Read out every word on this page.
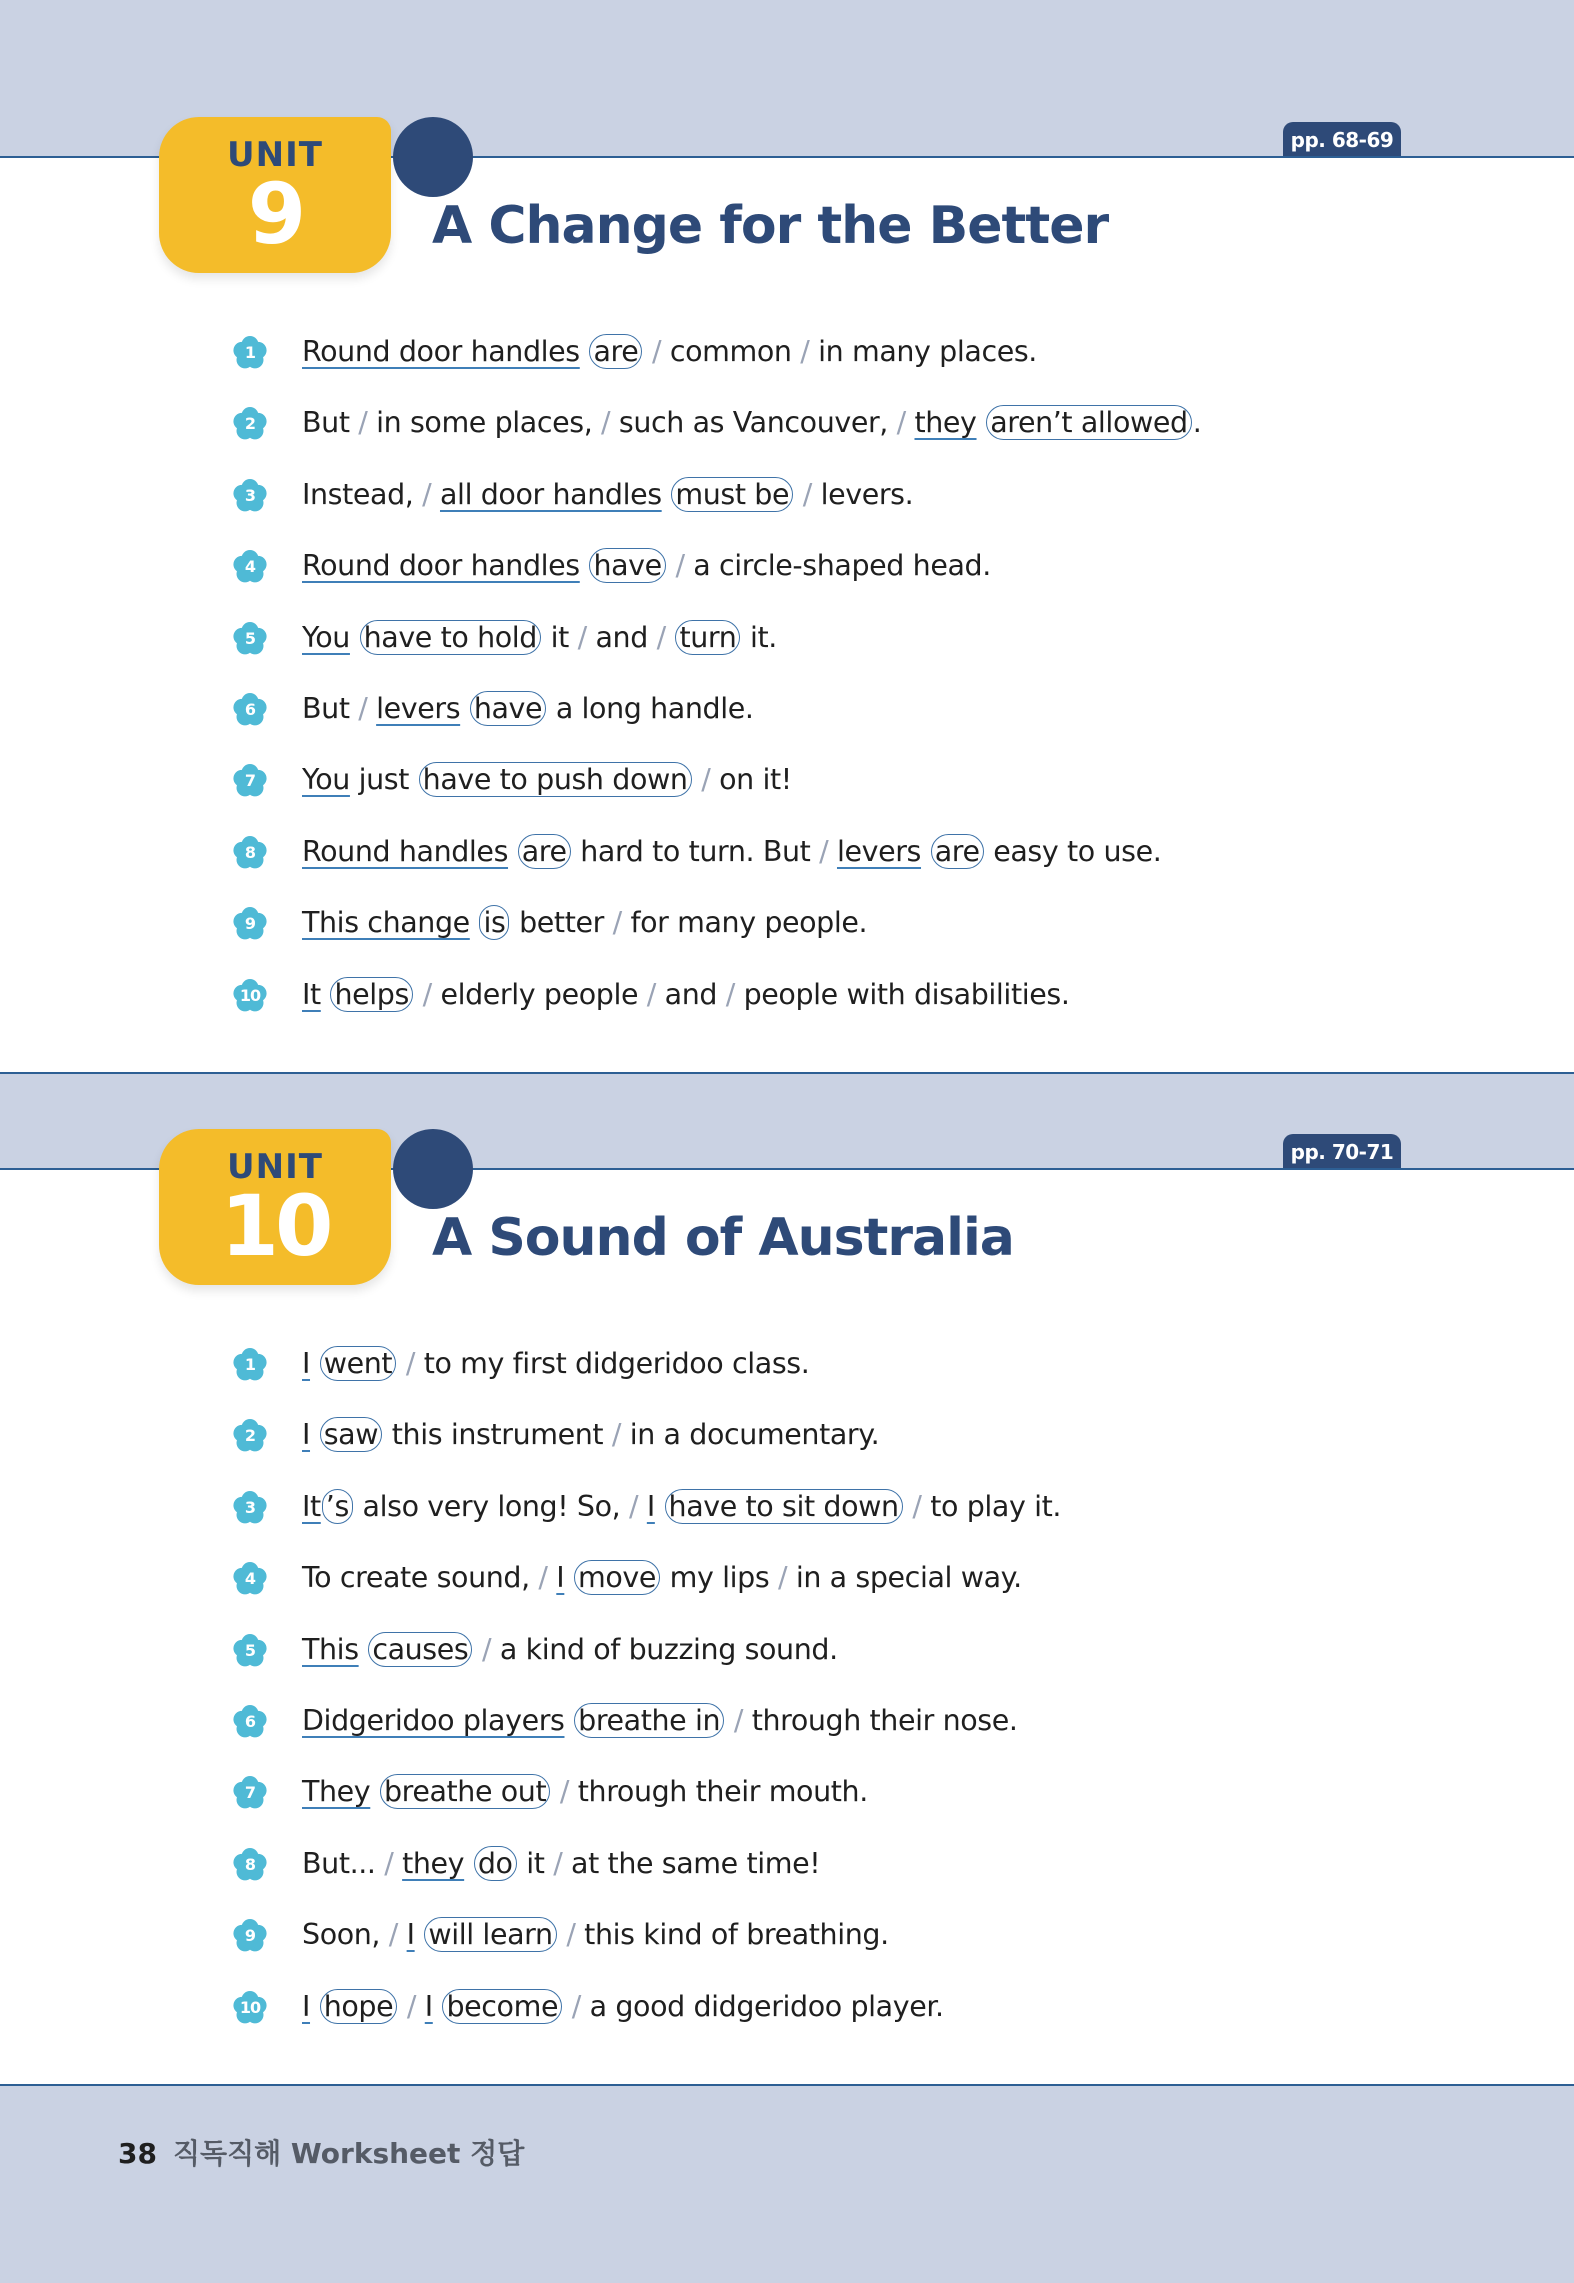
UNIT
9
pp. 68-69
A Change for the Better
1	Round door handles are / common / in many places.
2	But / in some places, / such as Vancouver, / they aren’t allowed .
3	Instead, / all door handles must be / levers.
4	Round door handles have / a circle-shaped head.
5	You have to hold it / and / turn it.
6	But / levers have a long handle.
7	You just have to push down / on it!
8	Round handles are hard to turn. But / levers are easy to use.
9	This change is better / for many people.
10 It helps / elderly people / and / people with disabilities.
UNIT
10
pp. 70-71
A Sound of Australia
1	I went / to my first didgeridoo class.
2	I saw this instrument / in a documentary.
3	It ’s also very long! So, / I have to sit down / to play it.
4	To create sound, / I move my lips / in a special way.
5	This causes / a kind of buzzing sound.
6	Didgeridoo players breathe in / through their nose.
7	They breathe out / through their mouth.
8	But... / they do it / at the same time!
9	Soon, / I will learn / this kind of breathing.
10 I hope / I become / a good didgeridoo player.

38 직독직해 Worksheet 정답
